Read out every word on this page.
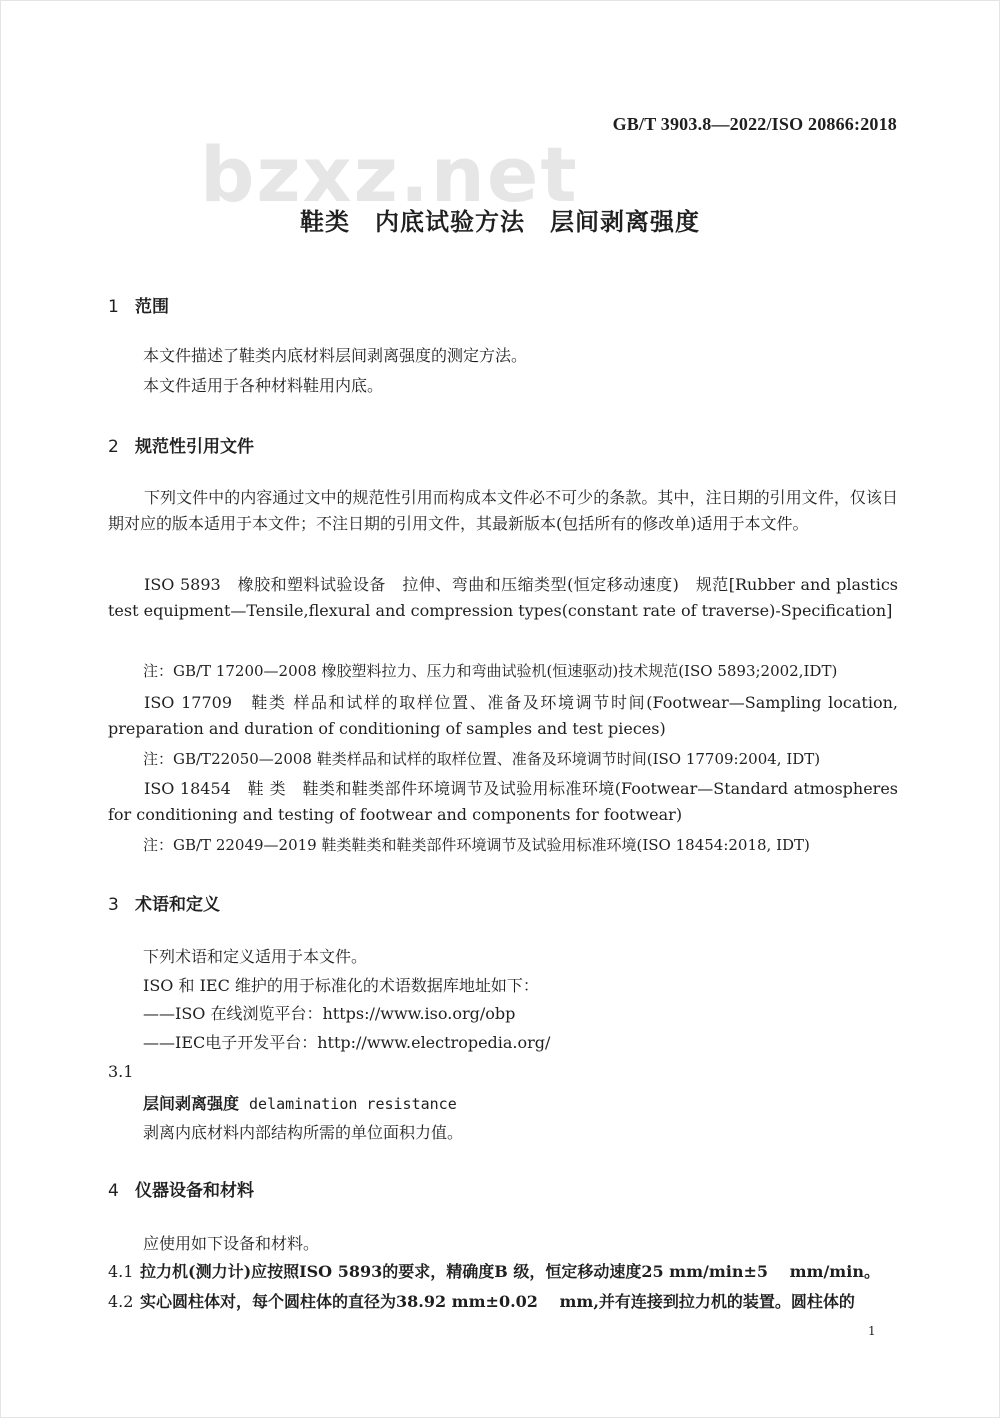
bzxz.net
GB/T 3903.8—2022/ISO 20866:2018
鞋类　内底试验方法　层间剥离强度
1 范围
本文件描述了鞋类内底材料层间剥离强度的测定方法。
本文件适用于各种材料鞋用内底。
2 规范性引用文件
下列文件中的内容通过文中的规范性引用而构成本文件必不可少的条款。其中，注日期的引用文件，仅该日期对应的版本适用于本文件；不注日期的引用文件，其最新版本(包括所有的修改单)适用于本文件。
ISO 5893　橡胶和塑料试验设备　拉伸、弯曲和压缩类型(恒定移动速度)　规范[Rubber and plastics test equipment—Tensile,flexural and compression types(constant rate of traverse)-Specification]
注：GB/T 17200—2008 橡胶塑料拉力、压力和弯曲试验机(恒速驱动)技术规范(ISO 5893;2002,IDT)
ISO 17709　鞋类 样品和试样的取样位置、准备及环境调节时间(Footwear—Sampling location, preparation and duration of conditioning of samples and test pieces)
注：GB/T22050—2008 鞋类样品和试样的取样位置、准备及环境调节时间(ISO 17709:2004, IDT)
ISO 18454　鞋 类　鞋类和鞋类部件环境调节及试验用标准环境(Footwear—Standard atmospheres for conditioning and testing of footwear and components for footwear)
注：GB/T 22049—2019 鞋类鞋类和鞋类部件环境调节及试验用标准环境(ISO 18454:2018, IDT)
3 术语和定义
下列术语和定义适用于本文件。
ISO 和 IEC 维护的用于标准化的术语数据库地址如下：
——ISO 在线浏览平台：https://www.iso.org/obp
——IEC电子开发平台：http://www.electropedia.org/
3.1
层间剥离强度 delamination resistance
剥离内底材料内部结构所需的单位面积力值。
4 仪器设备和材料
应使用如下设备和材料。
4.1 拉力机(测力计)应按照ISO 5893的要求，精确度B 级，恒定移动速度25 mm/min±5　 mm/min。
4.2 实心圆柱体对，每个圆柱体的直径为38.92 mm±0.02　 mm,并有连接到拉力机的装置。圆柱体的
1
